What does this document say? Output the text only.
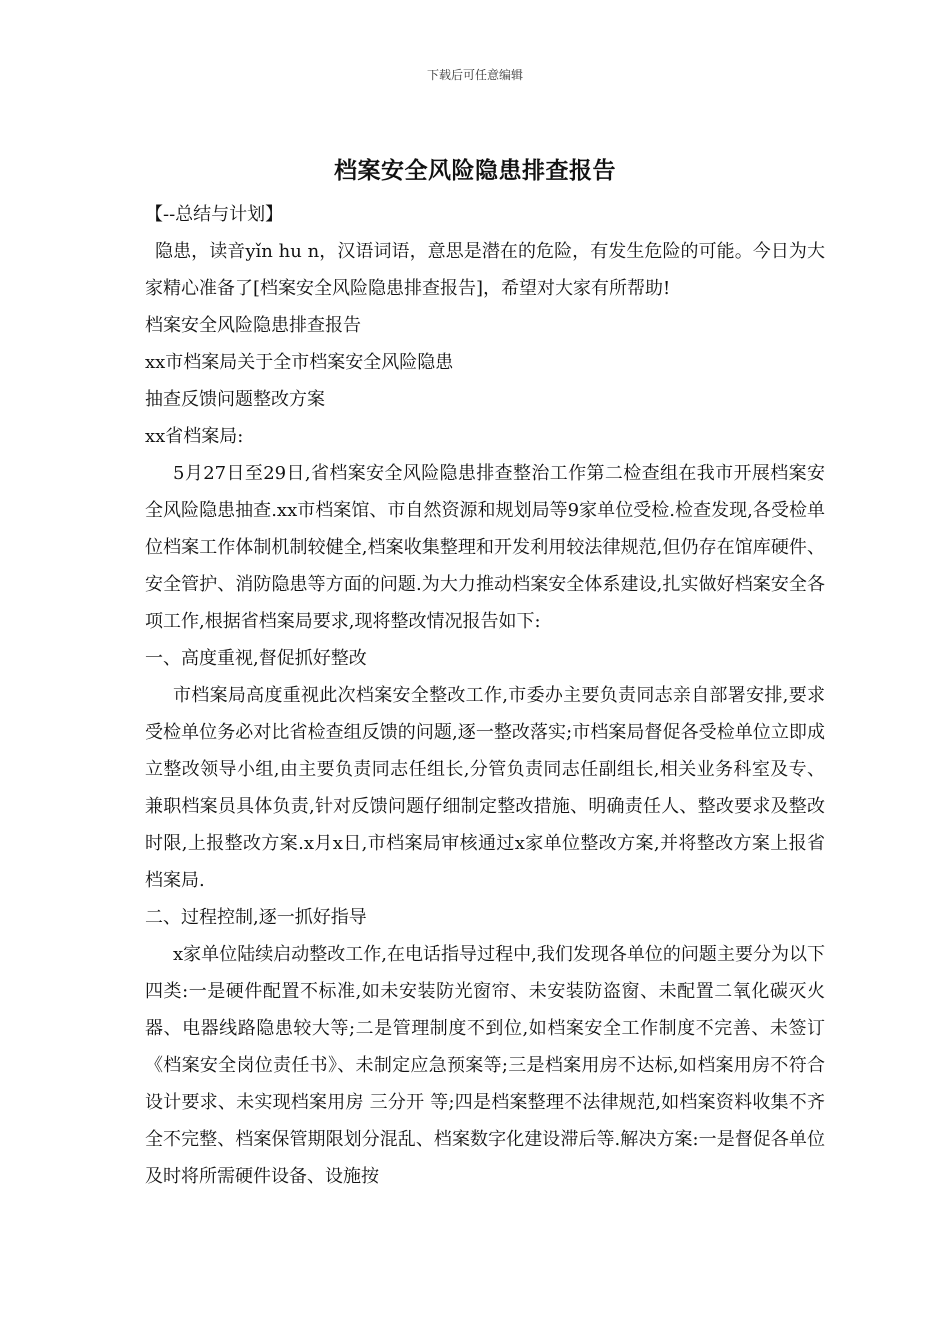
下载后可任意编辑
档案安全风险隐患排查报告

【--总结与计划】

隐患，读音yǐn hu n，汉语词语，意思是潜在的危险，有发生危险的可能。今日为大家精心准备了[档案安全风险隐患排查报告]，希望对大家有所帮助!

档案安全风险隐患排查报告

xx市档案局关于全市档案安全风险隐患

抽查反馈问题整改方案

xx省档案局:

5月27日至29日,省档案安全风险隐患排查整治工作第二检查组在我市开展档案安全风险隐患抽查.xx市档案馆、市自然资源和规划局等9家单位受检.检查发现,各受检单位档案工作体制机制较健全,档案收集整理和开发利用较法律规范,但仍存在馆库硬件、安全管护、消防隐患等方面的问题.为大力推动档案安全体系建设,扎实做好档案安全各项工作,根据省档案局要求,现将整改情况报告如下:

一、高度重视,督促抓好整改

市档案局高度重视此次档案安全整改工作,市委办主要负责同志亲自部署安排,要求受检单位务必对比省检查组反馈的问题,逐一整改落实;市档案局督促各受检单位立即成立整改领导小组,由主要负责同志任组长,分管负责同志任副组长,相关业务科室及专、兼职档案员具体负责,针对反馈问题仔细制定整改措施、明确责任人、整改要求及整改时限,上报整改方案.x月x日,市档案局审核通过x家单位整改方案,并将整改方案上报省档案局.

二、过程控制,逐一抓好指导

x家单位陆续启动整改工作,在电话指导过程中,我们发现各单位的问题主要分为以下四类:一是硬件配置不标准,如未安装防光窗帘、未安装防盗窗、未配置二氧化碳灭火器、电器线路隐患较大等;二是管理制度不到位,如档案安全工作制度不完善、未签订《档案安全岗位责任书》、未制定应急预案等;三是档案用房不达标,如档案用房不符合设计要求、未实现档案用房 三分开 等;四是档案整理不法律规范,如档案资料收集不齐全不完整、档案保管期限划分混乱、档案数字化建设滞后等.解决方案:一是督促各单位及时将所需硬件设备、设施按
